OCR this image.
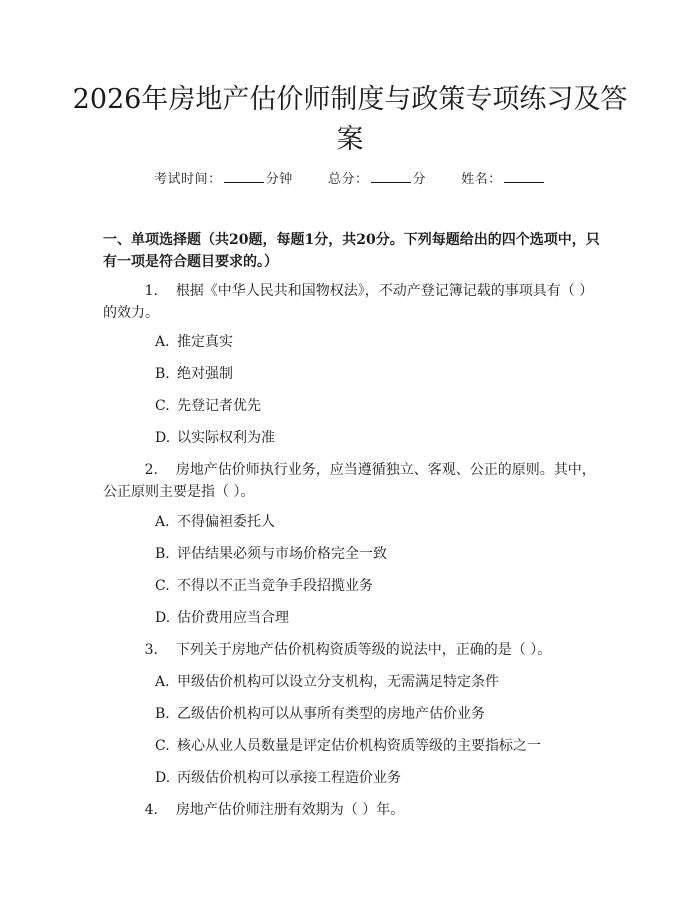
2026年房地产估价师制度与政策专项练习及答案
考试时间：	分钟	总分：	分	姓名：

一、单项选择题（共20题，每题1分，共20分。下列每题给出的四个选项中，只有一项是符合题目要求的。）

1. 根据《中华人民共和国物权法》，不动产登记簿记载的事项具有（ ）的效力。
A. 推定真实
B. 绝对强制
C. 先登记者优先
D. 以实际权利为准
2. 房地产估价师执行业务，应当遵循独立、客观、公正的原则。其中，公正原则主要是指（ ）。
A. 不得偏袒委托人
B. 评估结果必须与市场价格完全一致
C. 不得以不正当竞争手段招揽业务
D. 估价费用应当合理
3. 下列关于房地产估价机构资质等级的说法中，正确的是（ ）。
A. 甲级估价机构可以设立分支机构，无需满足特定条件
B. 乙级估价机构可以从事所有类型的房地产估价业务
C. 核心从业人员数量是评定估价机构资质等级的主要指标之一
D. 丙级估价机构可以承接工程造价业务
4. 房地产估价师注册有效期为（ ）年。
